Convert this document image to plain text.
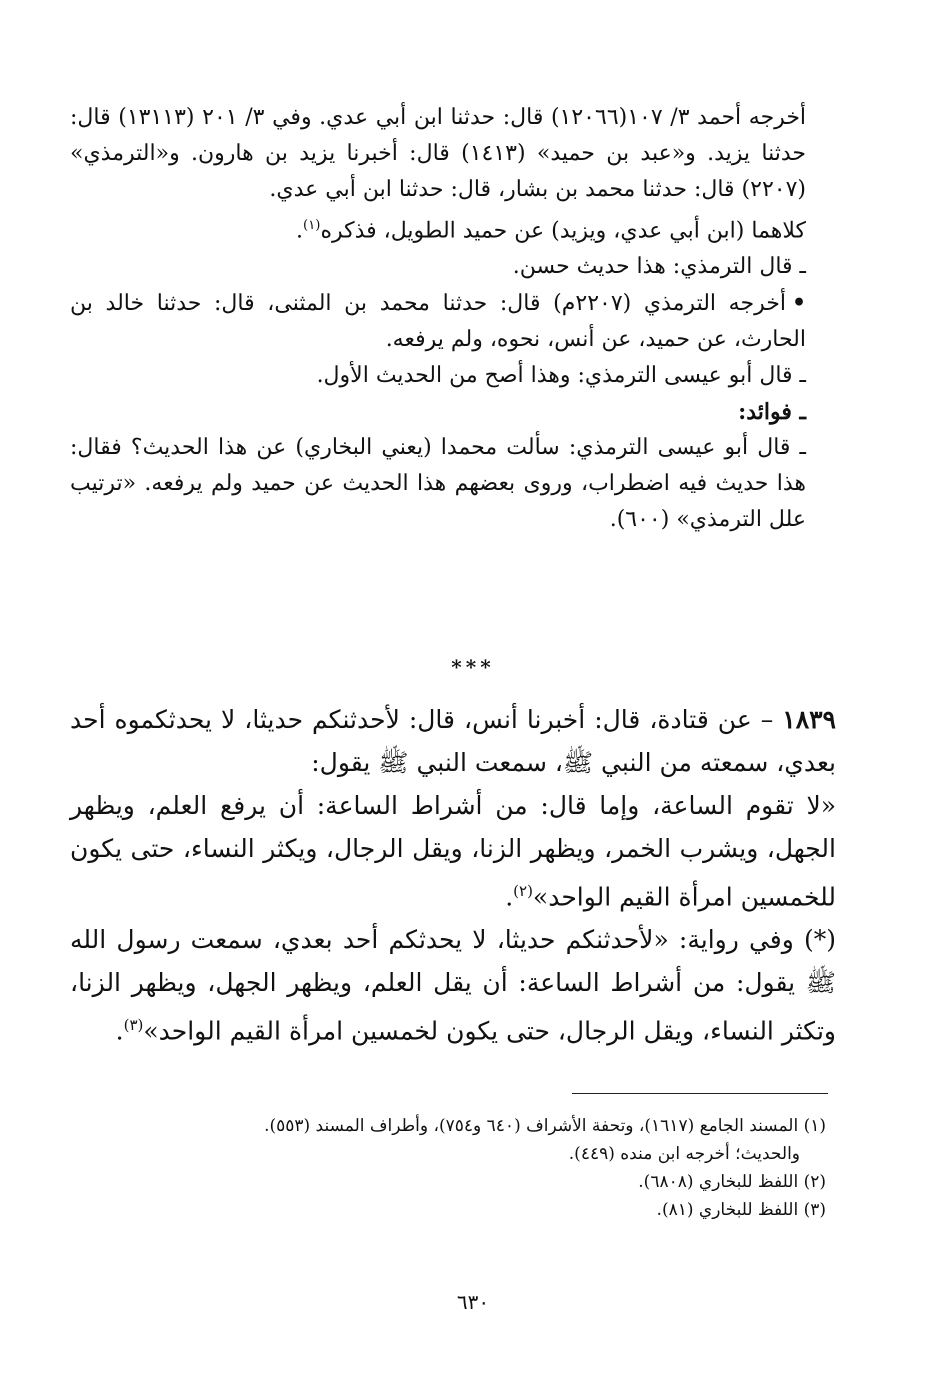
أخرجه أحمد ٣/ ١٠٧(١٢٠٦٦) قال: حدثنا ابن أبي عدي. وفي ٣/ ٢٠١ (١٣١١٣) قال: حدثنا يزيد. و«عبد بن حميد» (١٤١٣) قال: أخبرنا يزيد بن هارون. و«الترمذي» (٢٢٠٧) قال: حدثنا محمد بن بشار، قال: حدثنا ابن أبي عدي.

كلاهما (ابن أبي عدي، ويزيد) عن حميد الطويل، فذكره$^{(١)}$.

ـ قال الترمذي: هذا حديث حسن.

•أخرجه الترمذي (٢٢٠٧م) قال: حدثنا محمد بن المثنى، قال: حدثنا خالد بن الحارث، عن حميد، عن أنس، نحوه، ولم يرفعه.

ـ قال أبو عيسى الترمذي: وهذا أصح من الحديث الأول.

ـ فوائد:

ـ قال أبو عيسى الترمذي: سألت محمدا (يعني البخاري) عن هذا الحديث؟ فقال: هذا حديث فيه اضطراب، وروى بعضهم هذا الحديث عن حميد ولم يرفعه. «ترتيب علل الترمذي» (٦٠٠).

***

١٨٣٩ – عن قتادة، قال: أخبرنا أنس، قال: لأحدثنكم حديثا، لا يحدثكموه أحد بعدي، سمعته من النبي ﷺ، سمعت النبي ﷺ يقول:

«لا تقوم الساعة، وإما قال: من أشراط الساعة: أن يرفع العلم، ويظهر الجهل، ويشرب الخمر، ويظهر الزنا، ويقل الرجال، ويكثر النساء، حتى يكون للخمسين امرأة القيم الواحد»$^{(٢)}$.

(*) وفي رواية: «لأحدثنكم حديثا، لا يحدثكم أحد بعدي، سمعت رسول الله ﷺ يقول: من أشراط الساعة: أن يقل العلم، ويظهر الجهل، ويظهر الزنا، وتكثر النساء، ويقل الرجال، حتى يكون لخمسين امرأة القيم الواحد»$^{(٣)}$.

(١) المسند الجامع (١٦١٧)، وتحفة الأشراف (٦٤٠ و٧٥٤)، وأطراف المسند (٥٥٣).

والحديث؛ أخرجه ابن منده (٤٤٩).

(٢) اللفظ للبخاري (٦٨٠٨).

(٣) اللفظ للبخاري (٨١).

٦٣٠
